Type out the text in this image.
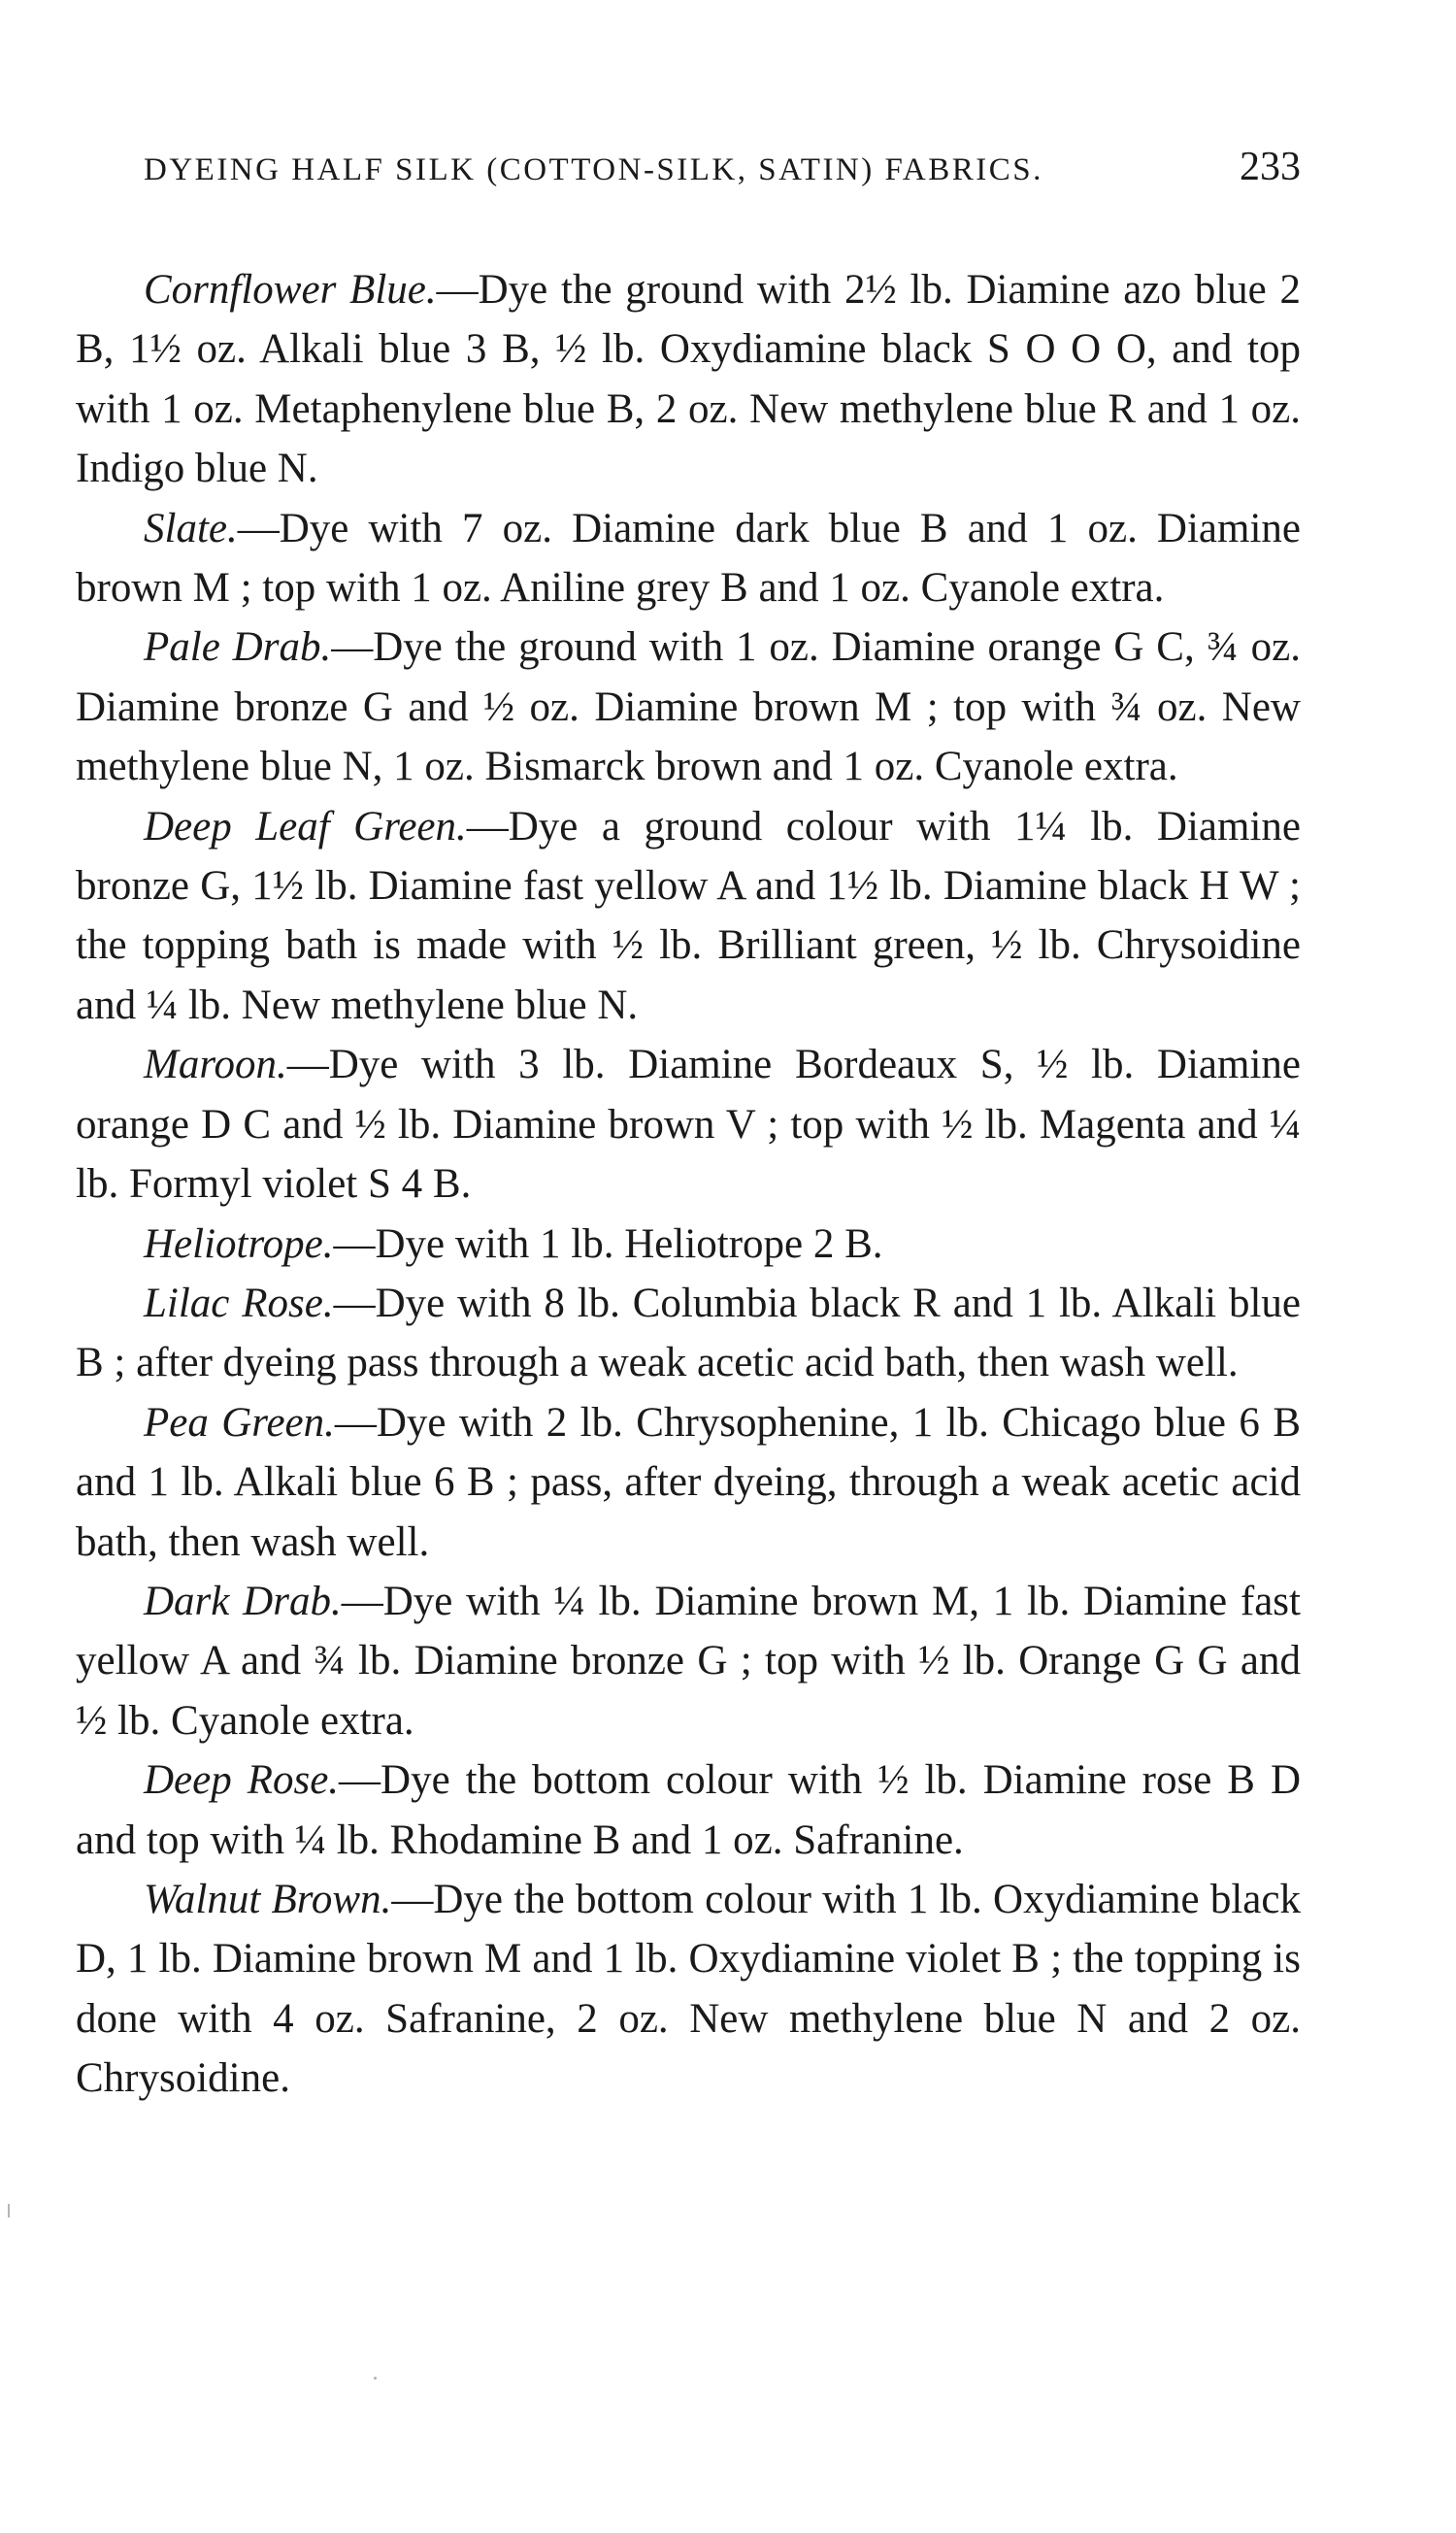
DYEING HALF SILK (COTTON-SILK, SATIN) FABRICS.	233

Cornflower Blue.—Dye the ground with 2½ lb. Diamine azo blue 2 B, 1½ oz. Alkali blue 3 B, ½ lb. Oxydiamine black S O O O, and top with 1 oz. Metaphenylene blue B, 2 oz. New methylene blue R and 1 oz. Indigo blue N.

Slate.—Dye with 7 oz. Diamine dark blue B and 1 oz. Diamine brown M ; top with 1 oz. Aniline grey B and 1 oz. Cyanole extra.

Pale Drab.—Dye the ground with 1 oz. Diamine orange G C, ¾ oz. Diamine bronze G and ½ oz. Diamine brown M ; top with ¾ oz. New methylene blue N, 1 oz. Bismarck brown and 1 oz. Cyanole extra.

Deep Leaf Green.—Dye a ground colour with 1¼ lb. Diamine bronze G, 1½ lb. Diamine fast yellow A and 1½ lb. Diamine black H W ; the topping bath is made with ½ lb. Brilliant green, ½ lb. Chrysoidine and ¼ lb. New methylene blue N.

Maroon.—Dye with 3 lb. Diamine Bordeaux S, ½ lb. Diamine orange D C and ½ lb. Diamine brown V ; top with ½ lb. Magenta and ¼ lb. Formyl violet S 4 B.

Heliotrope.—Dye with 1 lb. Heliotrope 2 B.

Lilac Rose.—Dye with 8 lb. Columbia black R and 1 lb. Alkali blue B ; after dyeing pass through a weak acetic acid bath, then wash well.

Pea Green.—Dye with 2 lb. Chrysophenine, 1 lb. Chicago blue 6 B and 1 lb. Alkali blue 6 B ; pass, after dyeing, through a weak acetic acid bath, then wash well.

Dark Drab.—Dye with ¼ lb. Diamine brown M, 1 lb. Diamine fast yellow A and ¾ lb. Diamine bronze G ; top with ½ lb. Orange G G and ½ lb. Cyanole extra.

Deep Rose.—Dye the bottom colour with ½ lb. Diamine rose B D and top with ¼ lb. Rhodamine B and 1 oz. Safranine.

Walnut Brown.—Dye the bottom colour with 1 lb. Oxydiamine black D, 1 lb. Diamine brown M and 1 lb. Oxydiamine violet B ; the topping is done with 4 oz. Safranine, 2 oz. New methylene blue N and 2 oz. Chrysoidine.
